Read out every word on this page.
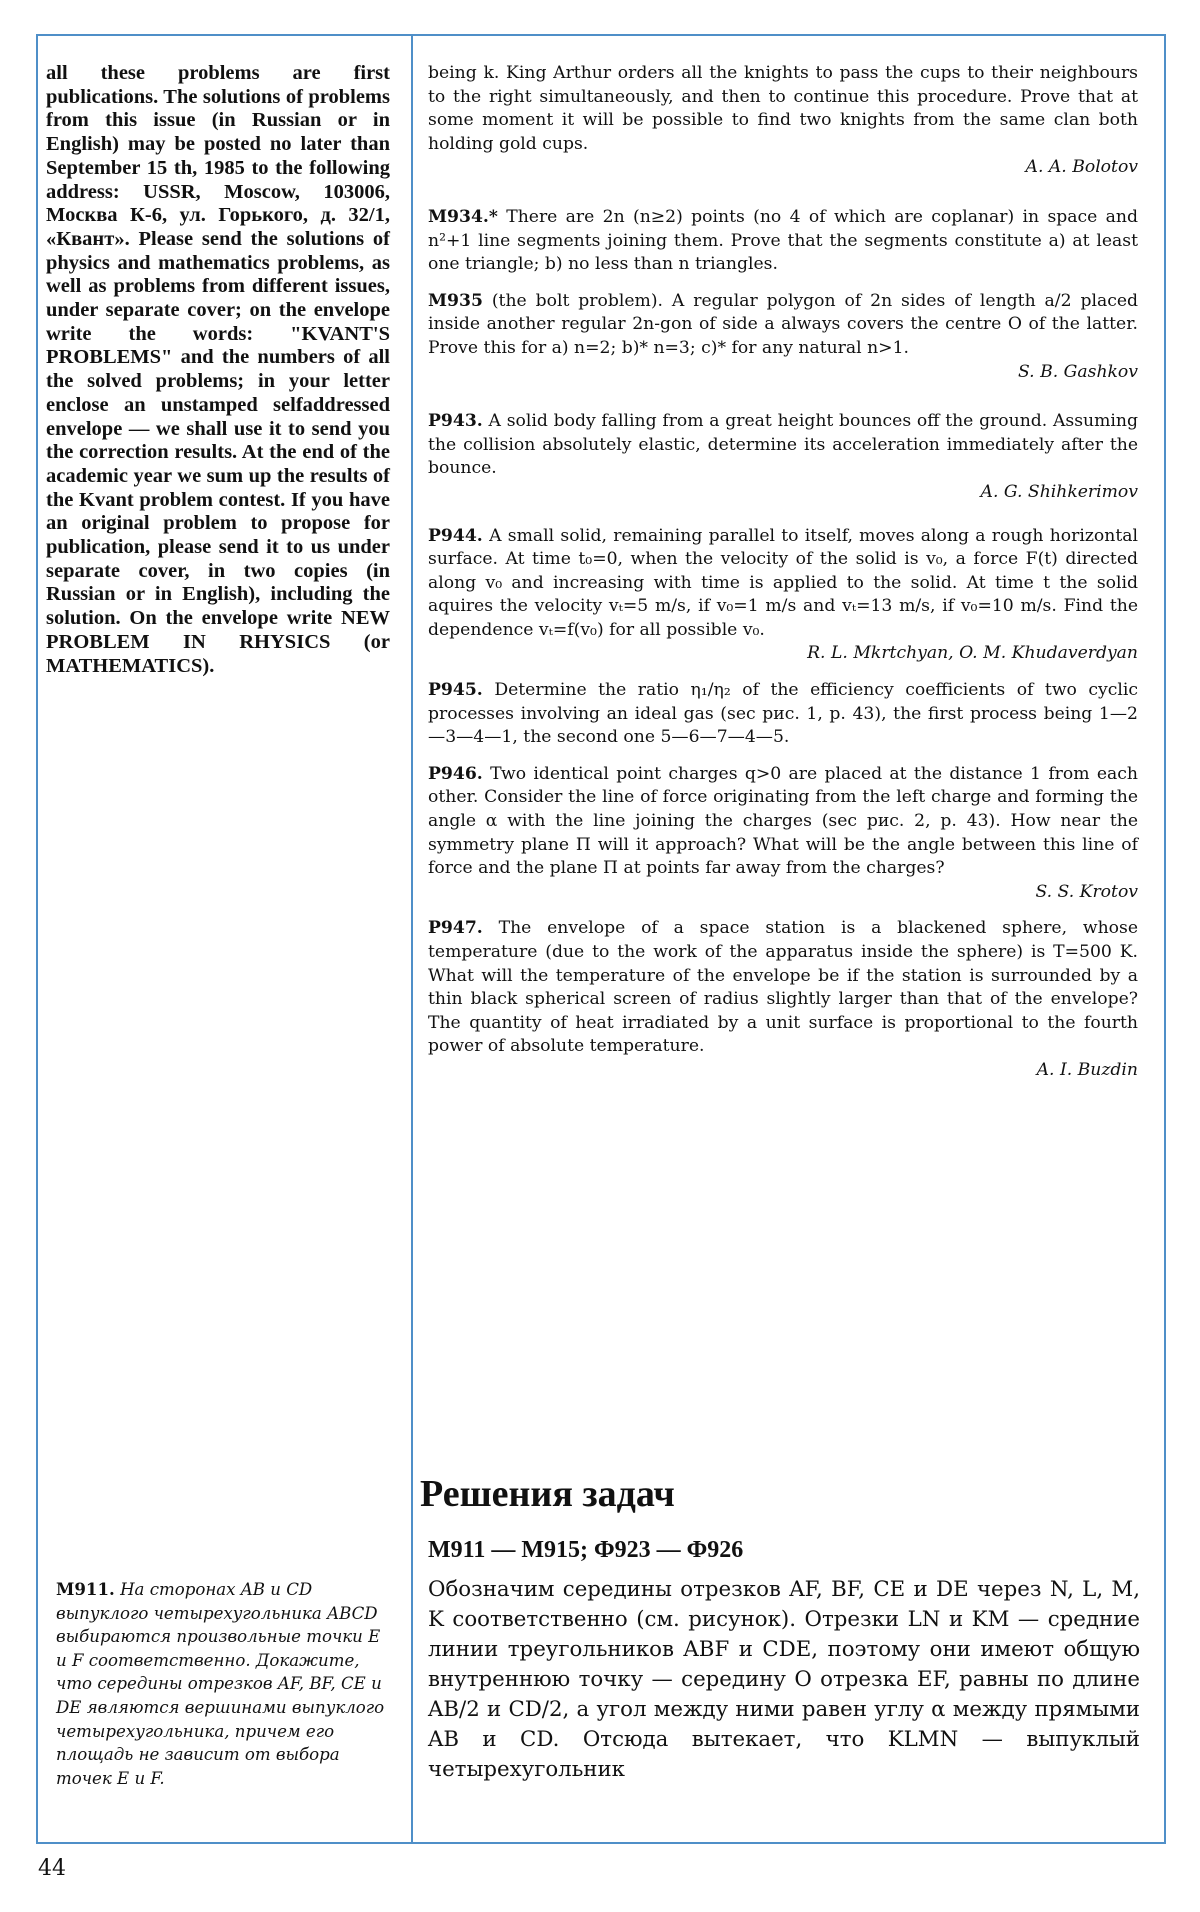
all these problems are first publications. The solutions of problems from this issue (in Russian or in English) may be posted no later than September 15 th, 1985 to the following address: USSR, Moscow, 103006, Москва К-6, ул. Горького, д. 32/1, «Квант». Please send the solutions of physics and mathematics problems, as well as problems from different issues, under separate cover; on the envelope write the words: "KVANT'S PROBLEMS" and the numbers of all the solved problems; in your letter enclose an unstamped selfaddressed envelope — we shall use it to send you the correction results. At the end of the academic year we sum up the results of the Kvant problem contest. If you have an original problem to propose for publication, please send it to us under separate cover, in two copies (in Russian or in English), including the solution. On the envelope write NEW PROBLEM IN RHYSICS (or MATHEMATICS).

being k. King Arthur orders all the knights to pass the cups to their neighbours to the right simultaneously, and then to continue this procedure. Prove that at some moment it will be possible to find two knights from the same clan both holding gold cups.

A. A. Bolotov

M934.* There are 2n (n≥2) points (no 4 of which are coplanar) in space and n²+1 line segments joining them. Prove that the segments constitute a) at least one triangle; b) no less than n triangles.

M935 (the bolt problem). A regular polygon of 2n sides of length a/2 placed inside another regular 2n-gon of side a always covers the centre O of the latter. Prove this for a) n=2; b)* n=3; c)* for any natural n>1.

S. B. Gashkov

P943. A solid body falling from a great height bounces off the ground. Assuming the collision absolutely elastic, determine its acceleration immediately after the bounce.

A. G. Shihkerimov

P944. A small solid, remaining parallel to itself, moves along a rough horizontal surface. At time t₀=0, when the velocity of the solid is v₀, a force F(t) directed along v₀ and increasing with time is applied to the solid. At time t the solid aquires the velocity vₜ=5 m/s, if v₀=1 m/s and vₜ=13 m/s, if v₀=10 m/s. Find the dependence vₜ=f(v₀) for all possible v₀.

R. L. Mkrtchyan, O. M. Khudaverdyan

P945. Determine the ratio η₁/η₂ of the efficiency coefficients of two cyclic processes involving an ideal gas (sec рис. 1, p. 43), the first process being 1—2—3—4—1, the second one 5—6—7—4—5.

P946. Two identical point charges q>0 are placed at the distance 1 from each other. Consider the line of force originating from the left charge and forming the angle α with the line joining the charges (sec рис. 2, p. 43). How near the symmetry plane Π will it approach? What will be the angle between this line of force and the plane Π at points far away from the charges?

S. S. Krotov

P947. The envelope of a space station is a blackened sphere, whose temperature (due to the work of the apparatus inside the sphere) is T=500 K. What will the temperature of the envelope be if the station is surrounded by a thin black spherical screen of radius slightly larger than that of the envelope? The quantity of heat irradiated by a unit surface is proportional to the fourth power of absolute temperature.

A. I. Buzdin

Решения задач
M911 — M915; Ф923 — Ф926
M911. На сторонах AB и CD выпуклого четырехугольника ABCD выбираются произвольные точки E и F соответственно. Докажите, что середины отрезков AF, BF, CE и DE являются вершинами выпуклого четырехугольника, причем его площадь не зависит от выбора точек E и F.
Обозначим середины отрезков AF, BF, CE и DE через N, L, M, K соответственно (см. рисунок). Отрезки LN и KM — средние линии треугольников ABF и CDE, поэтому они имеют общую внутреннюю точку — середину O отрезка EF, равны по длине AB/2 и CD/2, а угол между ними равен углу α между прямыми AB и CD. Отсюда вытекает, что KLMN — выпуклый четырехугольник
44
